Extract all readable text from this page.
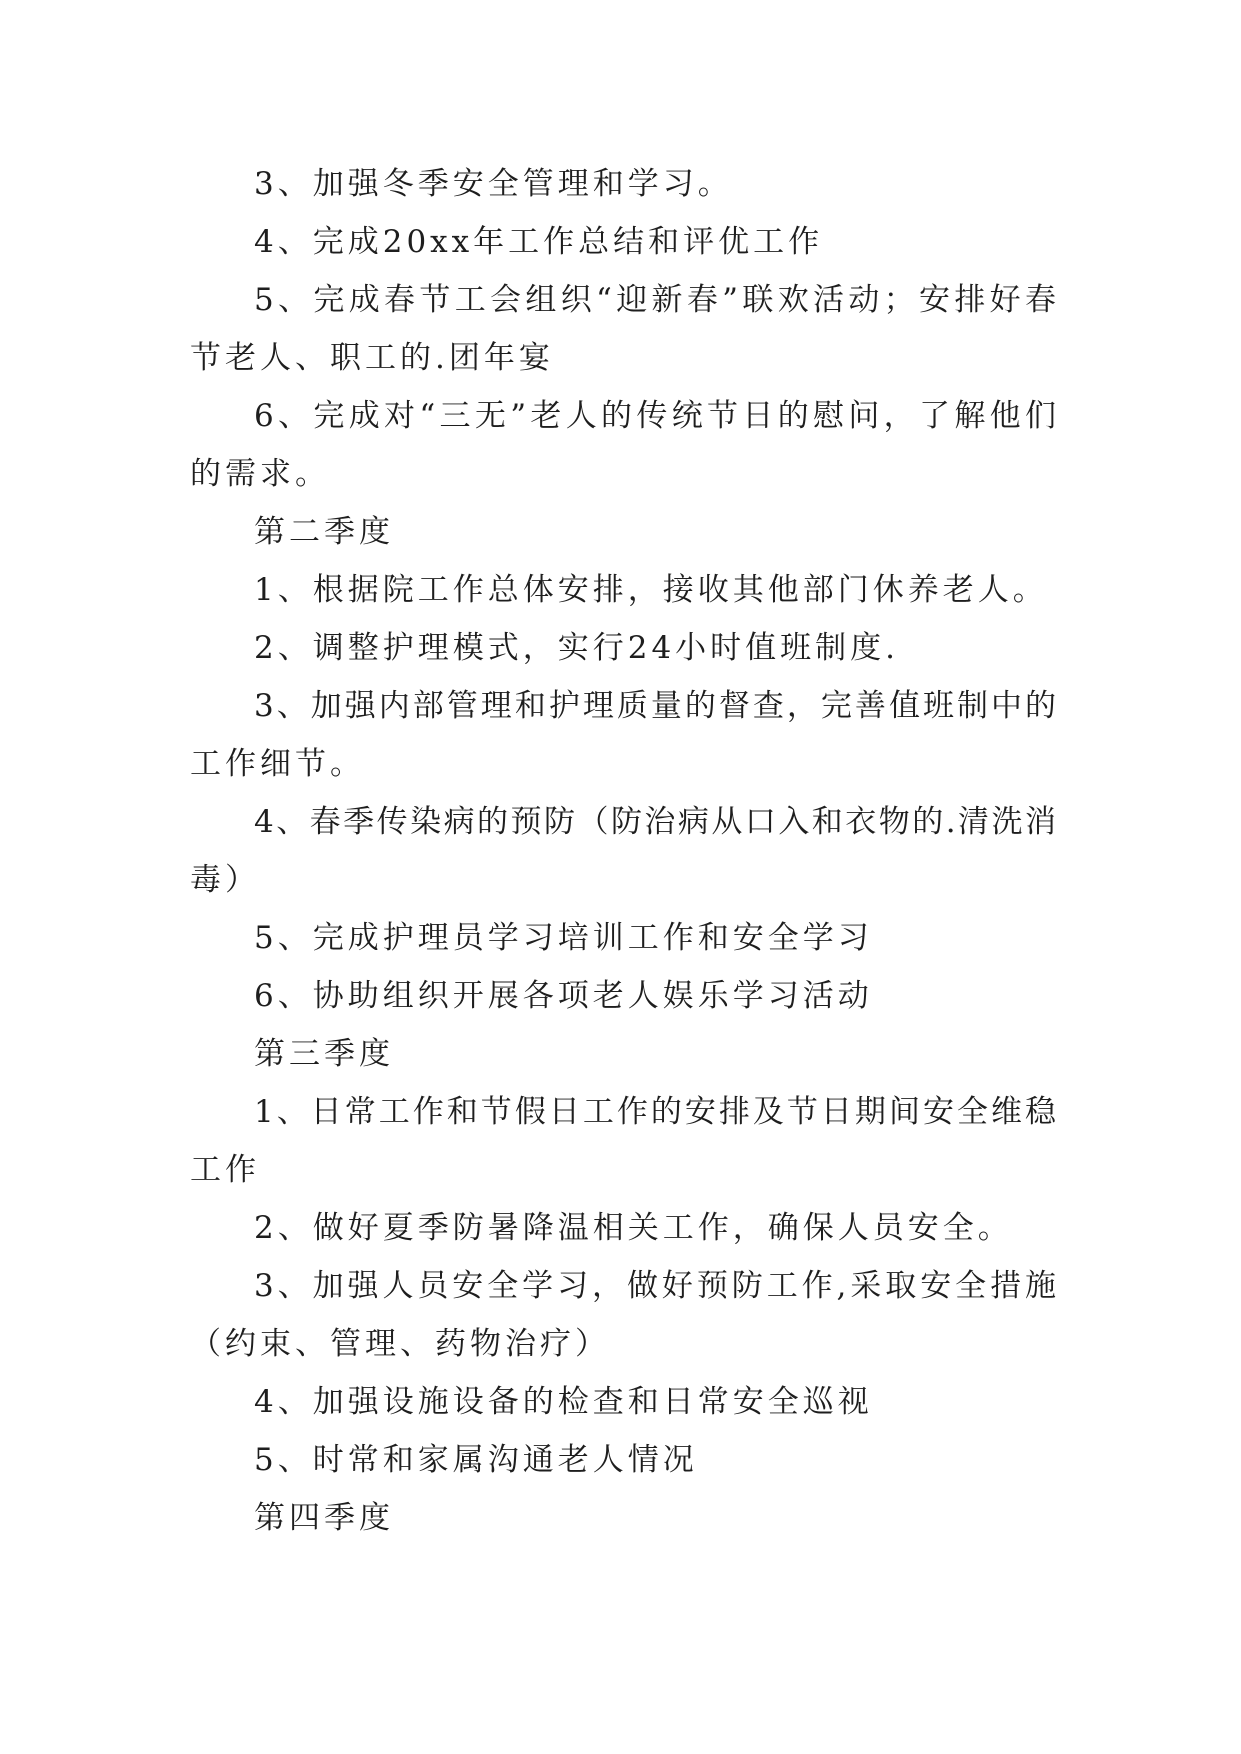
3、加强冬季安全管理和学习。
4、完成20xx年工作总结和评优工作
5、完成春节工会组织“迎新春”联欢活动；安排好春
节老人、职工的.团年宴
6、完成对“三无”老人的传统节日的慰问，了解他们
的需求。
第二季度
1、根据院工作总体安排，接收其他部门休养老人。
2、调整护理模式，实行24小时值班制度.
3、加强内部管理和护理质量的督查，完善值班制中的
工作细节。
4、春季传染病的预防（防治病从口入和衣物的.清洗消
毒）
5、完成护理员学习培训工作和安全学习
6、协助组织开展各项老人娱乐学习活动
第三季度
1、日常工作和节假日工作的安排及节日期间安全维稳
工作
2、做好夏季防暑降温相关工作，确保人员安全。
3、加强人员安全学习，做好预防工作,采取安全措施
（约束、管理、药物治疗）
4、加强设施设备的检查和日常安全巡视
5、时常和家属沟通老人情况
第四季度
